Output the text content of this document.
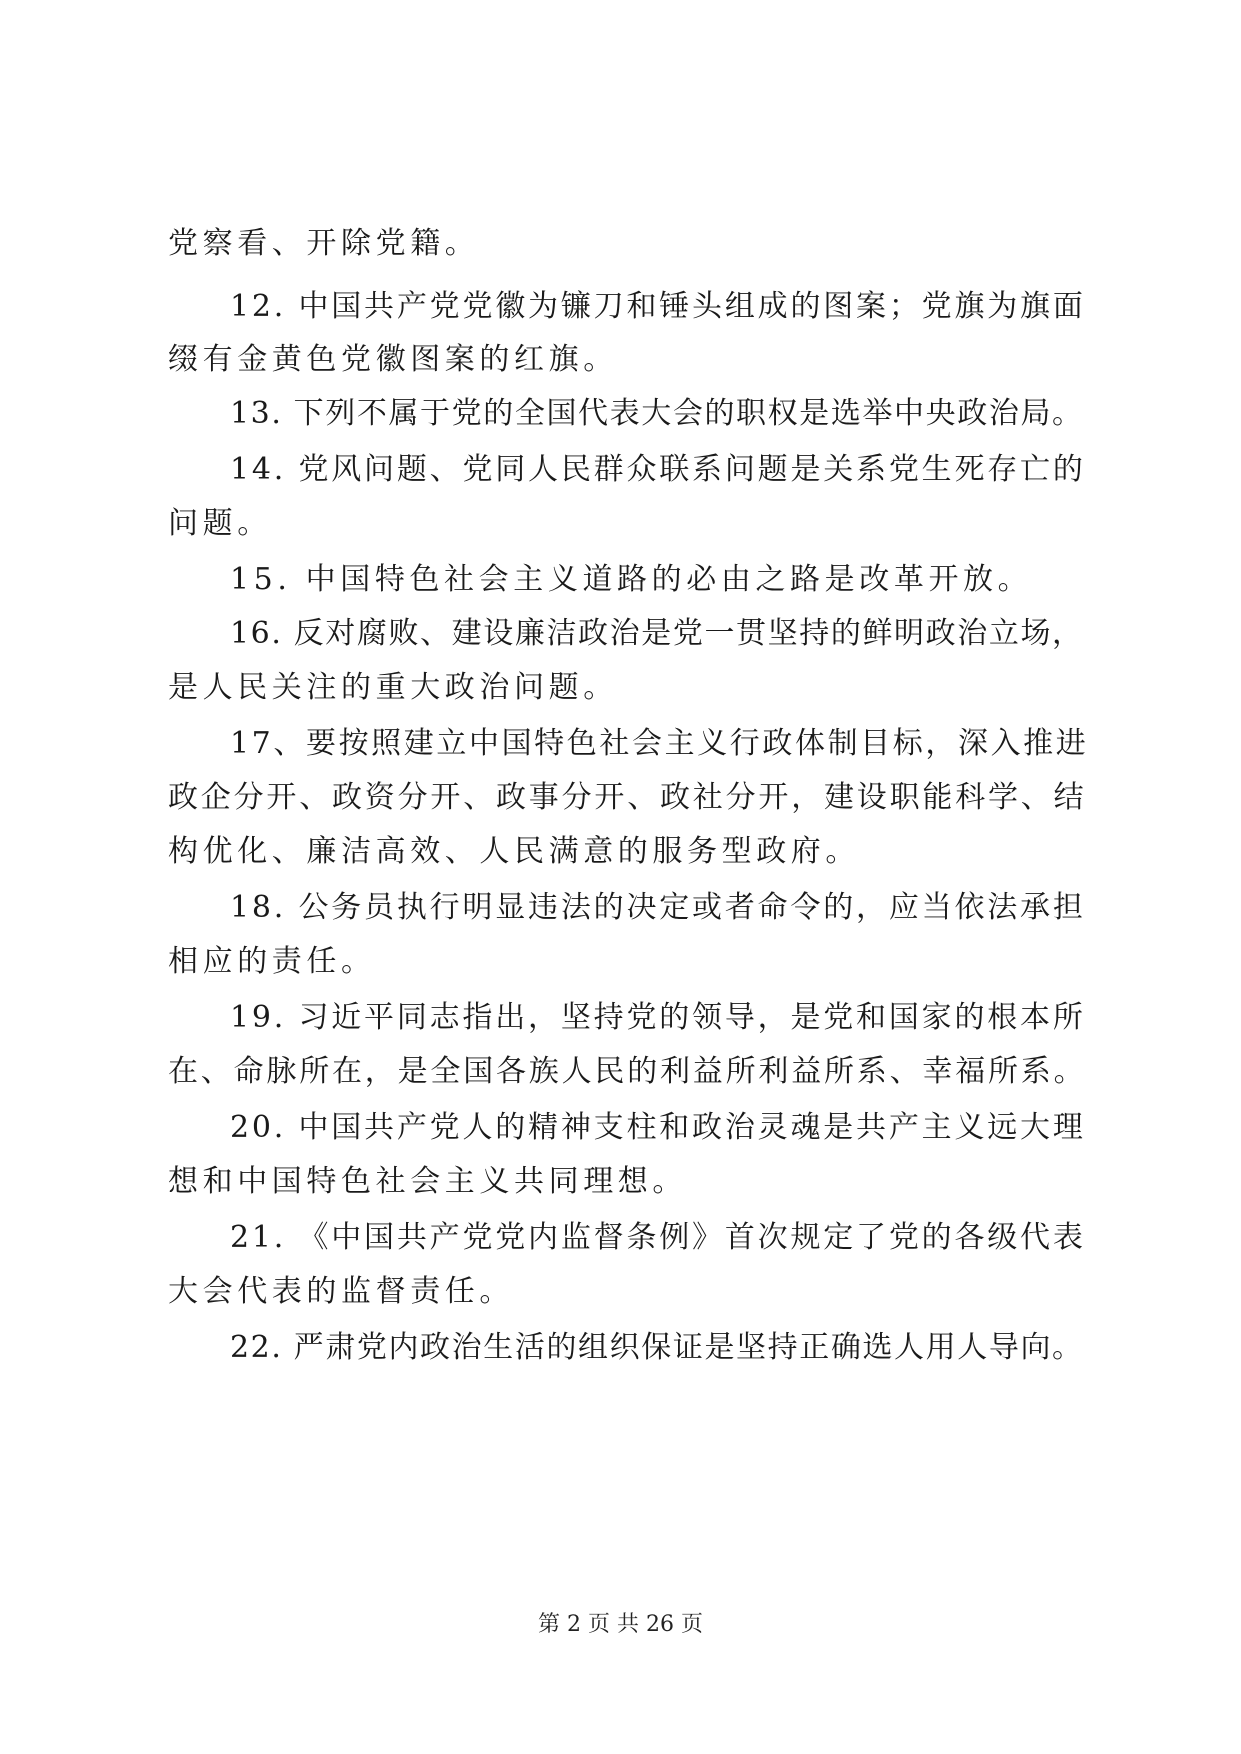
党察看、开除党籍。
12. 中国共产党党徽为镰刀和锤头组成的图案；党旗为旗面
缀有金黄色党徽图案的红旗。
13. 下列不属于党的全国代表大会的职权是选举中央政治局。
14. 党风问题、党同人民群众联系问题是关系党生死存亡的
问题。
15. 中国特色社会主义道路的必由之路是改革开放。
16. 反对腐败、建设廉洁政治是党一贯坚持的鲜明政治立场，
是人民关注的重大政治问题。
17、要按照建立中国特色社会主义行政体制目标，深入推进
政企分开、政资分开、政事分开、政社分开，建设职能科学、结
构优化、廉洁高效、人民满意的服务型政府。
18. 公务员执行明显违法的决定或者命令的，应当依法承担
相应的责任。
19. 习近平同志指出，坚持党的领导，是党和国家的根本所
在、命脉所在，是全国各族人民的利益所利益所系、幸福所系。
20. 中国共产党人的精神支柱和政治灵魂是共产主义远大理
想和中国特色社会主义共同理想。
21. 《中国共产党党内监督条例》首次规定了党的各级代表
大会代表的监督责任。
22. 严肃党内政治生活的组织保证是坚持正确选人用人导向。
第 2 页 共 26 页
